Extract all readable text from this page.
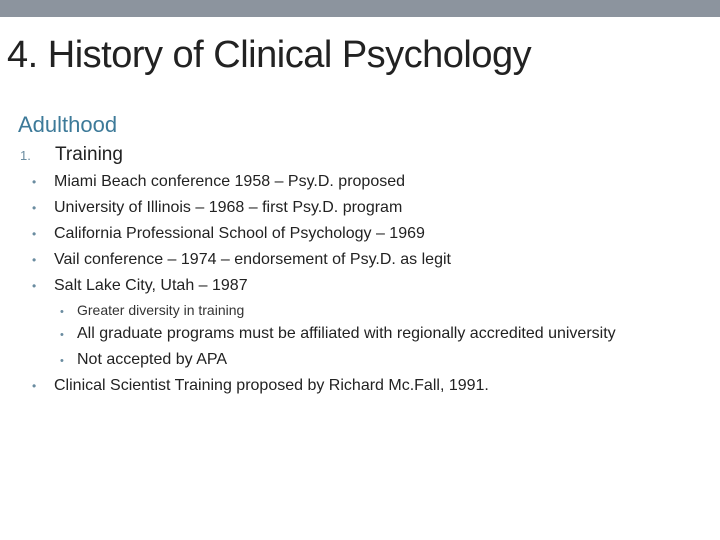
4. History of Clinical Psychology
Adulthood
1. Training
• Miami Beach conference 1958 – Psy.D. proposed
• University of Illinois – 1968 – first Psy.D. program
• California Professional School of Psychology – 1969
• Vail conference – 1974 – endorsement of Psy.D. as legit
• Salt Lake City, Utah – 1987
• Greater diversity in training
• All graduate programs must be affiliated with regionally accredited university
• Not accepted by APA
• Clinical Scientist Training proposed by Richard Mc.Fall, 1991.
